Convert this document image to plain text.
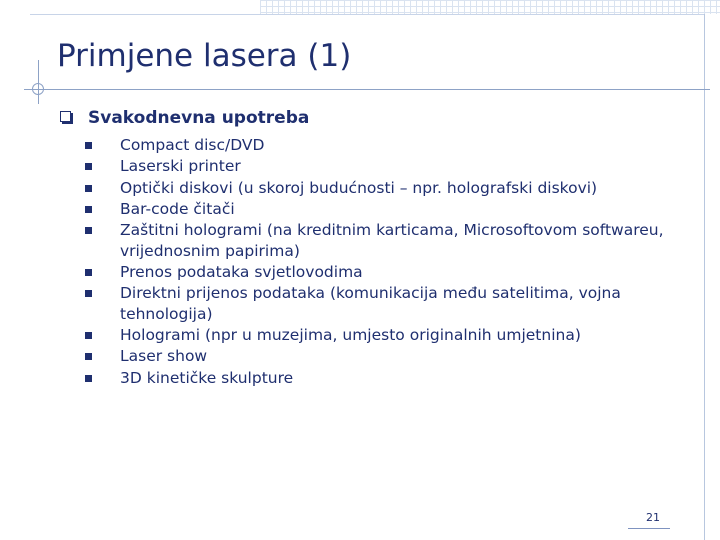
Primjene lasera (1)
Svakodnevna upotreba
Compact disc/DVD
Laserski printer
Optički diskovi (u skoroj budućnosti – npr. holografski diskovi)
Bar-code čitači
Zaštitni hologrami (na kreditnim karticama, Microsoftovom softwareu, vrijednosnim papirima)
Prenos podataka svjetlovodima
Direktni prijenos podataka (komunikacija među satelitima, vojna tehnologija)
Hologrami (npr u muzejima, umjesto originalnih umjetnina)
Laser show
3D kinetičke skulpture
21
